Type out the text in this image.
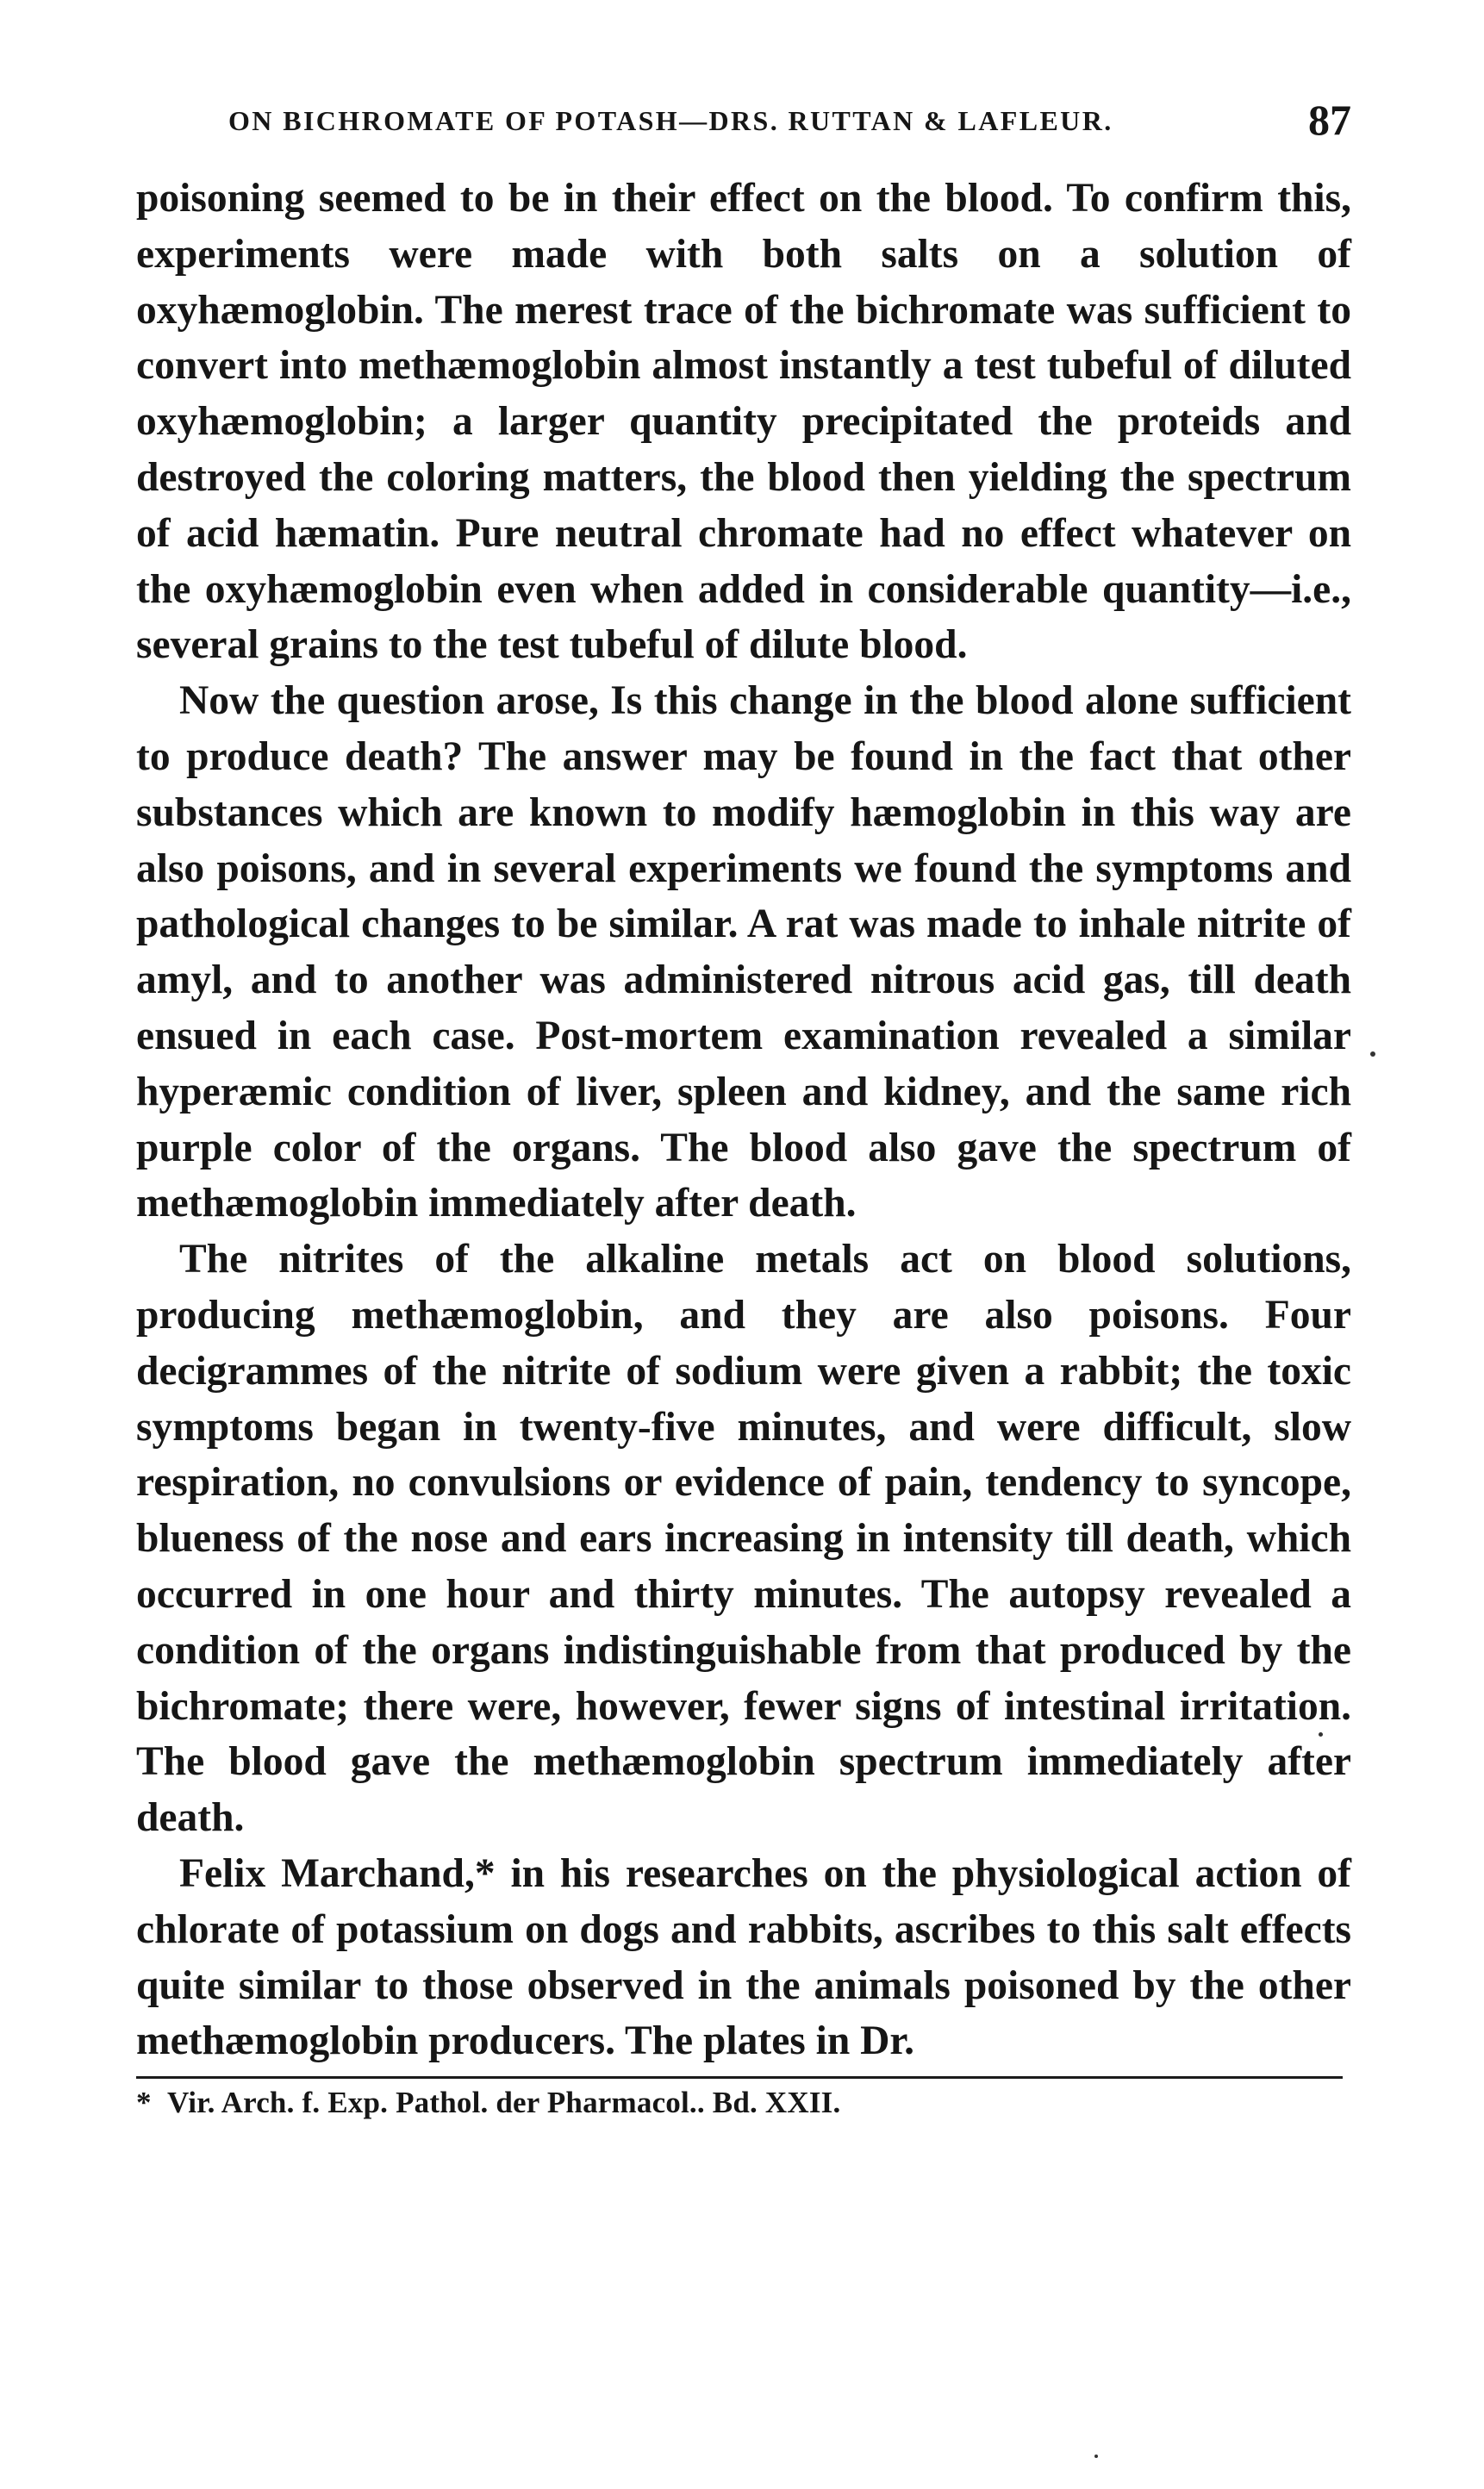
ON BICHROMATE OF POTASH—DRS. RUTTAN & LAFLEUR.	87

poisoning seemed to be in their effect on the blood. To confirm this, experiments were made with both salts on a solution of oxyhæmoglobin. The merest trace of the bichromate was sufficient to convert into methæmoglobin almost instantly a test tubeful of diluted oxyhæmoglobin; a larger quantity precipitated the proteids and destroyed the coloring matters, the blood then yielding the spectrum of acid hæmatin. Pure neutral chromate had no effect whatever on the oxyhæmoglobin even when added in considerable quantity—i.e., several grains to the test tubeful of dilute blood.

Now the question arose, Is this change in the blood alone sufficient to produce death? The answer may be found in the fact that other substances which are known to modify hæmoglobin in this way are also poisons, and in several experiments we found the symptoms and pathological changes to be similar. A rat was made to inhale nitrite of amyl, and to another was administered nitrous acid gas, till death ensued in each case. Post-mortem examination revealed a similar hyperæmic condition of liver, spleen and kidney, and the same rich purple color of the organs. The blood also gave the spectrum of methæmoglobin immediately after death.

The nitrites of the alkaline metals act on blood solutions, producing methæmoglobin, and they are also poisons. Four decigrammes of the nitrite of sodium were given a rabbit; the toxic symptoms began in twenty-five minutes, and were difficult, slow respiration, no convulsions or evidence of pain, tendency to syncope, blueness of the nose and ears increasing in intensity till death, which occurred in one hour and thirty minutes. The autopsy revealed a condition of the organs indistinguishable from that produced by the bichromate; there were, however, fewer signs of intestinal irritation. The blood gave the methæmoglobin spectrum immediately after death.

Felix Marchand,* in his researches on the physiological action of chlorate of potassium on dogs and rabbits, ascribes to this salt effects quite similar to those observed in the animals poisoned by the other methæmoglobin producers. The plates in Dr.

* Vir. Arch. f. Exp. Pathol. der Pharmacol.. Bd. XXII.
